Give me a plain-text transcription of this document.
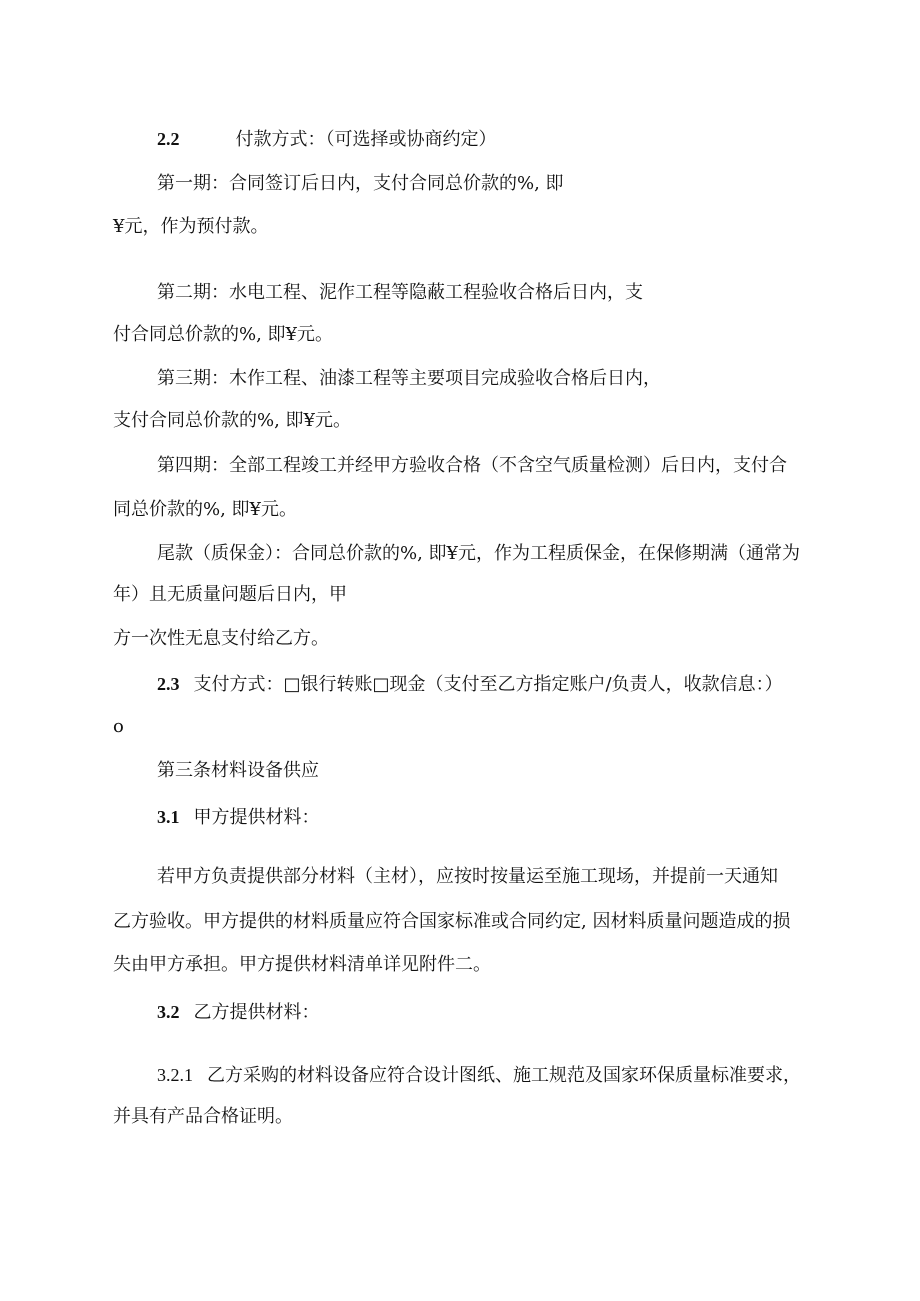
2.2	付款方式：（可选择或协商约定）
第一期：合同签订后日内，支付合同总价款的%, 即
¥元，作为预付款。
第二期：水电工程、泥作工程等隐蔽工程验收合格后日内，支
付合同总价款的%, 即¥元。
第三期：木作工程、油漆工程等主要项目完成验收合格后日内，
支付合同总价款的%, 即¥元。
第四期：全部工程竣工并经甲方验收合格（不含空气质量检测）后日内，支付合
同总价款的%, 即¥元。
尾款（质保金）：合同总价款的%, 即¥元，作为工程质保金，在保修期满（通常为
年）且无质量问题后日内，甲
方一次性无息支付给乙方。
2.3 支付方式：□银行转账□现金（支付至乙方指定账户/负责人，收款信息：）
o
第三条材料设备供应
3.1 甲方提供材料：
若甲方负责提供部分材料（主材），应按时按量运至施工现场，并提前一天通知
乙方验收。甲方提供的材料质量应符合国家标准或合同约定, 因材料质量问题造成的损
失由甲方承担。甲方提供材料清单详见附件二。
3.2 乙方提供材料：
3.2.1 乙方采购的材料设备应符合设计图纸、施工规范及国家环保质量标准要求，
并具有产品合格证明。
